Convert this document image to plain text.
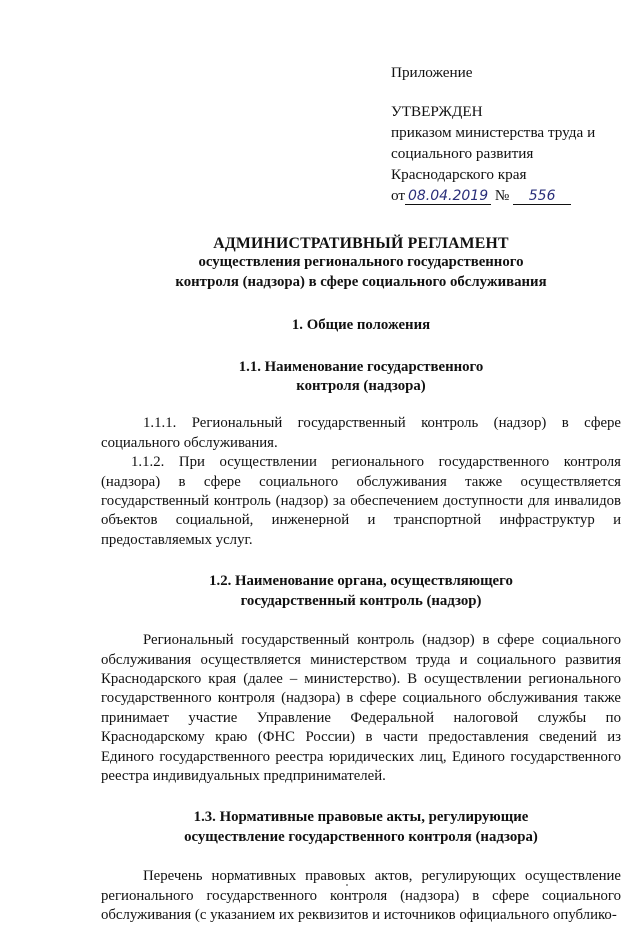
Приложение
УТВЕРЖДЕН
приказом министерства труда и
социального развития
Краснодарского края
от 08.04.2019 № 556
АДМИНИСТРАТИВНЫЙ РЕГЛАМЕНТ
осуществления регионального государственного
контроля (надзора) в сфере социального обслуживания
1. Общие положения
1.1. Наименование государственного
контроля (надзора)

1.1.1. Региональный государственный контроль (надзор) в сфере социального обслуживания.

1.1.2. При осуществлении регионального государственного контроля (надзора) в сфере социального обслуживания также осуществляется государственный контроль (надзор) за обеспечением доступности для инвалидов объектов социальной, инженерной и транспортной инфраструктур и предоставляемых услуг.

1.2. Наименование органа, осуществляющего
государственный контроль (надзор)

Региональный государственный контроль (надзор) в сфере социального обслуживания осуществляется министерством труда и социального развития Краснодарского края (далее – министерство). В осуществлении регионального государственного контроля (надзора) в сфере социального обслуживания также принимает участие Управление Федеральной налоговой службы по Краснодарскому краю (ФНС России) в части предоставления сведений из Единого государственного реестра юридических лиц, Единого государственного реестра индивидуальных предпринимателей.

1.3. Нормативные правовые акты, регулирующие
осуществление государственного контроля (надзора)

Перечень нормативных правовых актов, регулирующих осуществление регионального государственного контроля (надзора) в сфере социального обслуживания (с указанием их реквизитов и источников официального опублико-
